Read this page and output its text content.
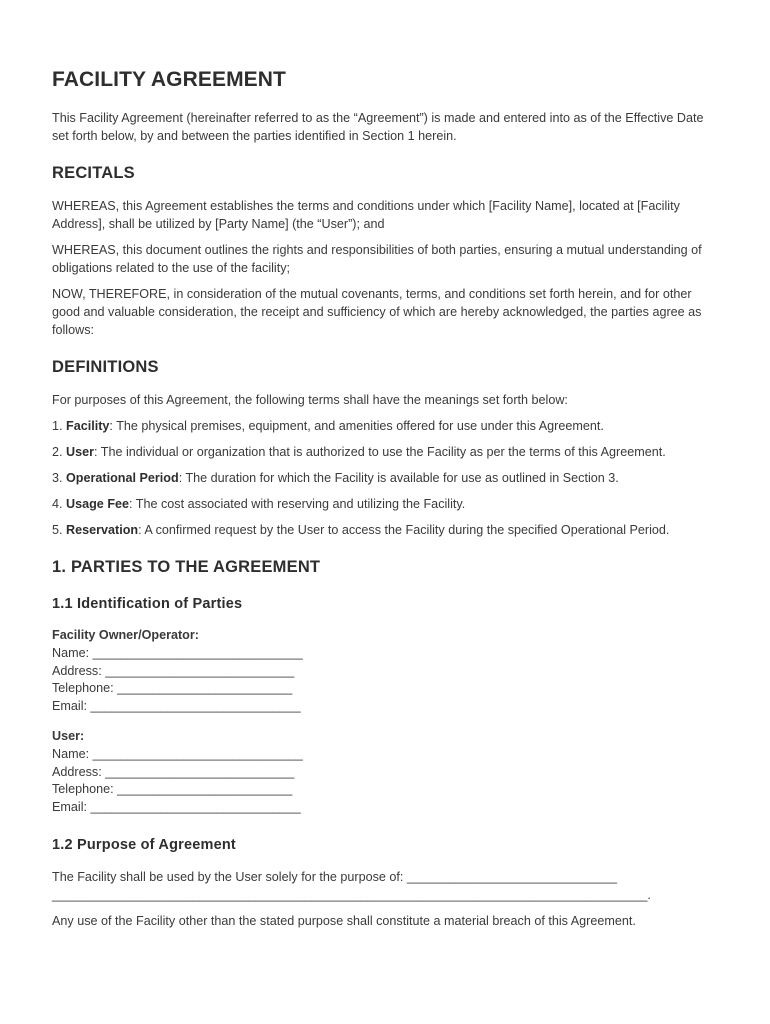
FACILITY AGREEMENT

This Facility Agreement (hereinafter referred to as the “Agreement”) is made and entered into as of the Effective Date set forth below, by and between the parties identified in Section 1 herein.

RECITALS

WHEREAS, this Agreement establishes the terms and conditions under which [Facility Name], located at [Facility Address], shall be utilized by [Party Name] (the “User”); and

WHEREAS, this document outlines the rights and responsibilities of both parties, ensuring a mutual understanding of obligations related to the use of the facility;

NOW, THEREFORE, in consideration of the mutual covenants, terms, and conditions set forth herein, and for other good and valuable consideration, the receipt and sufficiency of which are hereby acknowledged, the parties agree as follows:

DEFINITIONS

For purposes of this Agreement, the following terms shall have the meanings set forth below:

1. Facility: The physical premises, equipment, and amenities offered for use under this Agreement.

2. User: The individual or organization that is authorized to use the Facility as per the terms of this Agreement.

3. Operational Period: The duration for which the Facility is available for use as outlined in Section 3.

4. Usage Fee: The cost associated with reserving and utilizing the Facility.

5. Reservation: A confirmed request by the User to access the Facility during the specified Operational Period.

1. PARTIES TO THE AGREEMENT
1.1 Identification of Parties
Facility Owner/Operator:
Name: ______________________________
Address: ___________________________
Telephone: _________________________
Email: ______________________________
User:
Name: ______________________________
Address: ___________________________
Telephone: _________________________
Email: ______________________________
1.2 Purpose of Agreement

The Facility shall be used by the User solely for the purpose of: ______________________________ _____________________________________________________________________________________.

Any use of the Facility other than the stated purpose shall constitute a material breach of this Agreement.
